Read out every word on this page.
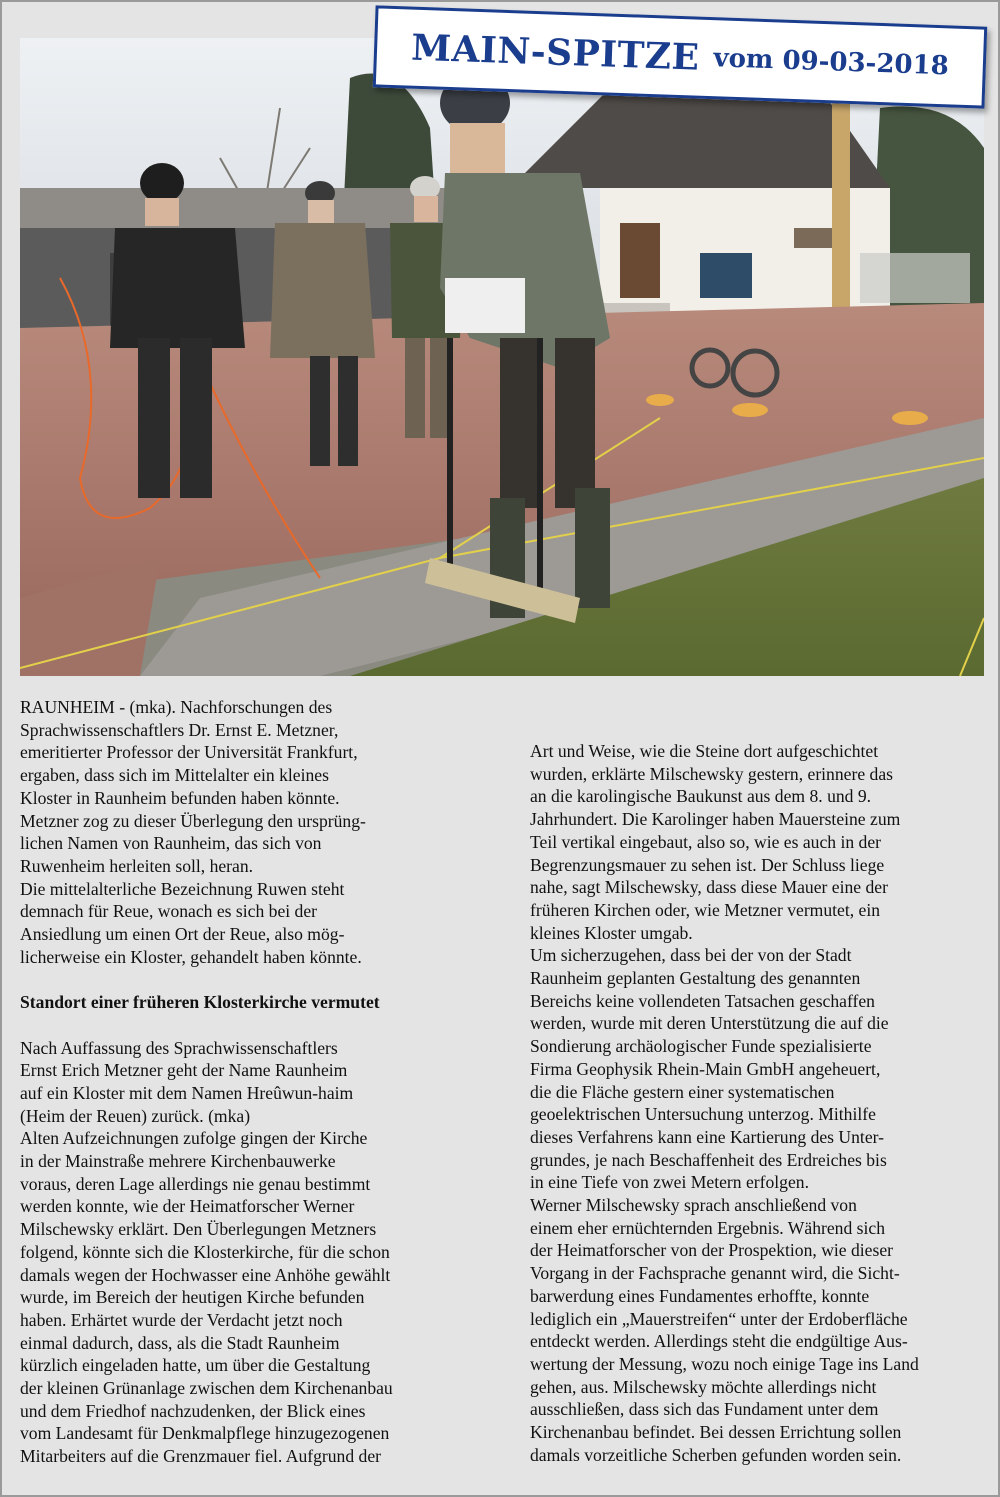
MAIN-SPITZE vom 09-03-2018
RAUNHEIM - (mka). Nachforschungen des
Sprachwissenschaftlers Dr. Ernst E. Metzner,
emeritierter Professor der Universität Frankfurt,
ergaben, dass sich im Mittelalter ein kleines
Kloster in Raunheim befunden haben könnte.
Metzner zog zu dieser Überlegung den ursprüng-
lichen Namen von Raunheim, das sich von
Ruwenheim herleiten soll, heran.
Die mittelalterliche Bezeichnung Ruwen steht
demnach für Reue, wonach es sich bei der
Ansiedlung um einen Ort der Reue, also mög-
licherweise ein Kloster, gehandelt haben könnte.
Standort einer früheren Klosterkirche vermutet
Nach Auffassung des Sprachwissenschaftlers
Ernst Erich Metzner geht der Name Raunheim
auf ein Kloster mit dem Namen Hreûwun-haim
(Heim der Reuen) zurück. (mka)
Alten Aufzeichnungen zufolge gingen der Kirche
in der Mainstraße mehrere Kirchenbauwerke
voraus, deren Lage allerdings nie genau bestimmt
werden konnte, wie der Heimatforscher Werner
Milschewsky erklärt. Den Überlegungen Metzners
folgend, könnte sich die Klosterkirche, für die schon
damals wegen der Hochwasser eine Anhöhe gewählt
wurde, im Bereich der heutigen Kirche befunden
haben. Erhärtet wurde der Verdacht jetzt noch
einmal dadurch, dass, als die Stadt Raunheim
kürzlich eingeladen hatte, um über die Gestaltung
der kleinen Grünanlage zwischen dem Kirchenanbau
und dem Friedhof nachzudenken, der Blick eines
vom Landesamt für Denkmalpflege hinzugezogenen
Mitarbeiters auf die Grenzmauer fiel. Aufgrund der
Art und Weise, wie die Steine dort aufgeschichtet
wurden, erklärte Milschewsky gestern, erinnere das
an die karolingische Baukunst aus dem 8. und 9.
Jahrhundert. Die Karolinger haben Mauersteine zum
Teil vertikal eingebaut, also so, wie es auch in der
Begrenzungsmauer zu sehen ist. Der Schluss liege
nahe, sagt Milschewsky, dass diese Mauer eine der
früheren Kirchen oder, wie Metzner vermutet, ein
kleines Kloster umgab.
Um sicherzugehen, dass bei der von der Stadt
Raunheim geplanten Gestaltung des genannten
Bereichs keine vollendeten Tatsachen geschaffen
werden, wurde mit deren Unterstützung die auf die
Sondierung archäologischer Funde spezialisierte
Firma Geophysik Rhein-Main GmbH angeheuert,
die die Fläche gestern einer systematischen
geoelektrischen Untersuchung unterzog. Mithilfe
dieses Verfahrens kann eine Kartierung des Unter-
grundes, je nach Beschaffenheit des Erdreiches bis
in eine Tiefe von zwei Metern erfolgen.
Werner Milschewsky sprach anschließend von
einem eher ernüchternden Ergebnis. Während sich
der Heimatforscher von der Prospektion, wie dieser
Vorgang in der Fachsprache genannt wird, die Sicht-
barwerdung eines Fundamentes erhoffte, konnte
lediglich ein „Mauerstreifen“ unter der Erdoberfläche
entdeckt werden. Allerdings steht die endgültige Aus-
wertung der Messung, wozu noch einige Tage ins Land
gehen, aus. Milschewsky möchte allerdings nicht
ausschließen, dass sich das Fundament unter dem
Kirchenanbau befindet. Bei dessen Errichtung sollen
damals vorzeitliche Scherben gefunden worden sein.
